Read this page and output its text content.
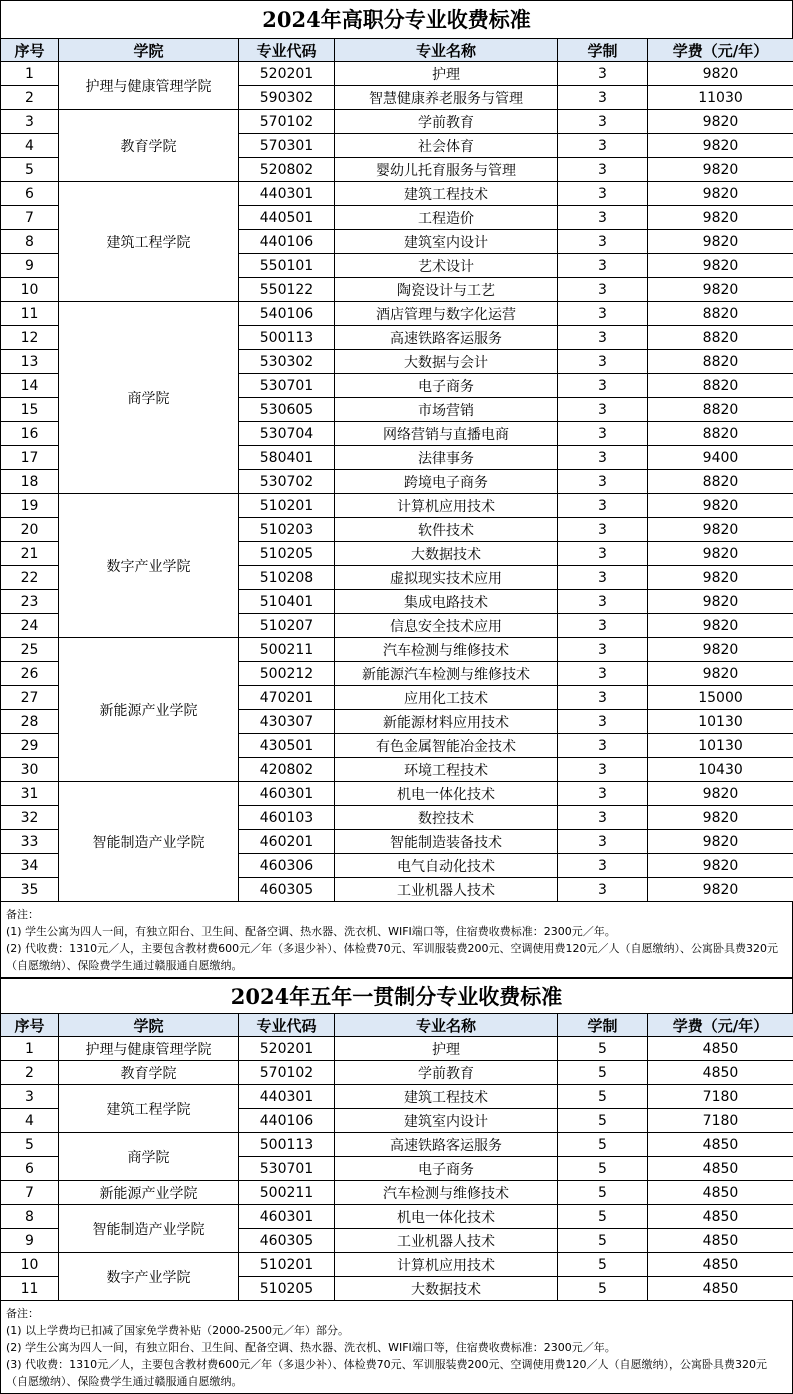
2024年高职分专业收费标准
序号	学院	专业代码	专业名称	学制	学费（元/年）
1	护理与健康管理学院	520201	护理	3	9820
2		590302	智慧健康养老服务与管理	3	11030
3	教育学院	570102	学前教育	3	9820
4		570301	社会体育	3	9820
5		520802	婴幼儿托育服务与管理	3	9820
6	建筑工程学院	440301	建筑工程技术	3	9820
7		440501	工程造价	3	9820
8		440106	建筑室内设计	3	9820
9		550101	艺术设计	3	9820
10		550122	陶瓷设计与工艺	3	9820
11	商学院	540106	酒店管理与数字化运营	3	8820
12		500113	高速铁路客运服务	3	8820
13		530302	大数据与会计	3	8820
14		530701	电子商务	3	8820
15		530605	市场营销	3	8820
16		530704	网络营销与直播电商	3	8820
17		580401	法律事务	3	9400
18		530702	跨境电子商务	3	8820
19	数字产业学院	510201	计算机应用技术	3	9820
20		510203	软件技术	3	9820
21		510205	大数据技术	3	9820
22		510208	虚拟现实技术应用	3	9820
23		510401	集成电路技术	3	9820
24		510207	信息安全技术应用	3	9820
25	新能源产业学院	500211	汽车检测与维修技术	3	9820
26		500212	新能源汽车检测与维修技术	3	9820
27		470201	应用化工技术	3	15000
28		430307	新能源材料应用技术	3	10130
29		430501	有色金属智能冶金技术	3	10130
30		420802	环境工程技术	3	10430
31	智能制造产业学院	460301	机电一体化技术	3	9820
32		460103	数控技术	3	9820
33		460201	智能制造装备技术	3	9820
34		460306	电气自动化技术	3	9820
35		460305	工业机器人技术	3	9820
备注：
(1) 学生公寓为四人一间，有独立阳台、卫生间、配备空调、热水器、洗衣机、WIFI端口等，住宿费收费标准：2300元／年。
(2) 代收费：1310元／人，主要包含教材费600元／年（多退少补）、体检费70元、军训服装费200元、空调使用费120元／人（自愿缴纳）、公寓卧具费320元（自愿缴纳）、保险费学生通过赣服通自愿缴纳。
2024年五年一贯制分专业收费标准
序号	学院	专业代码	专业名称	学制	学费（元/年）
1	护理与健康管理学院	520201	护理	5	4850
2	教育学院	570102	学前教育	5	4850
3	建筑工程学院	440301	建筑工程技术	5	7180
4		440106	建筑室内设计	5	7180
5	商学院	500113	高速铁路客运服务	5	4850
6		530701	电子商务	5	4850
7	新能源产业学院	500211	汽车检测与维修技术	5	4850
8	智能制造产业学院	460301	机电一体化技术	5	4850
9		460305	工业机器人技术	5	4850
10	数字产业学院	510201	计算机应用技术	5	4850
11		510205	大数据技术	5	4850
备注：
(1) 以上学费均已扣减了国家免学费补贴（2000-2500元／年）部分。
(2) 学生公寓为四人一间，有独立阳台、卫生间、配备空调、热水器、洗衣机、WIFI端口等，住宿费收费标准：2300元／年。
(3) 代收费：1310元／人，主要包含教材费600元／年（多退少补）、体检费70元、军训服装费200元、空调使用费120／人（自愿缴纳），公寓卧具费320元（自愿缴纳）、保险费学生通过赣服通自愿缴纳。
